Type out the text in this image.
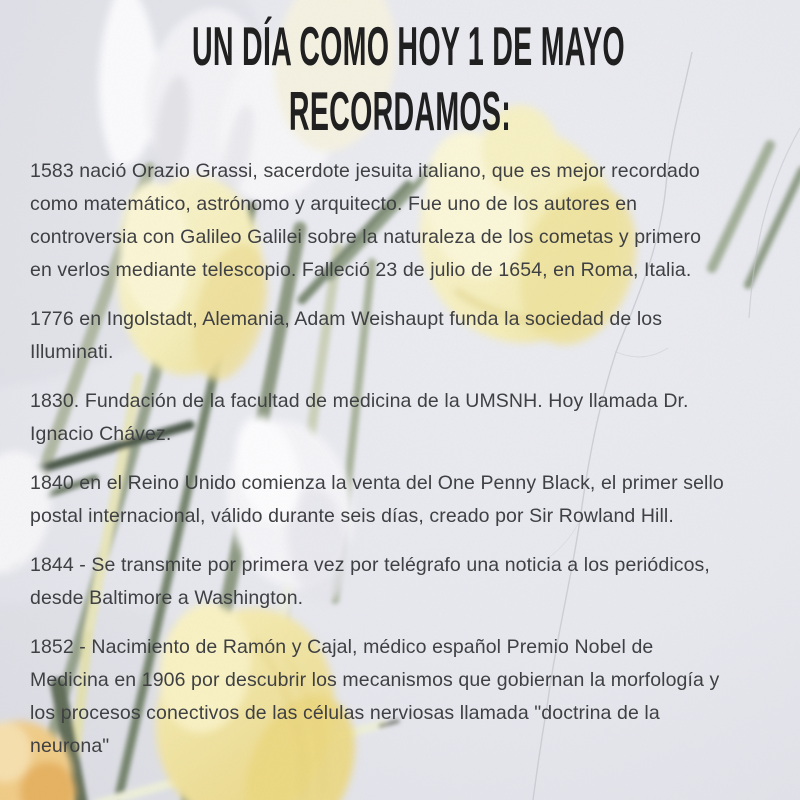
UN DÍA COMO HOY 1 DE MAYO
RECORDAMOS:

1583 nació Orazio Grassi, sacerdote jesuita italiano, que es mejor recordado
como matemático, astrónomo y arquitecto. Fue uno de los autores en
controversia con Galileo Galilei sobre la naturaleza de los cometas y primero
en verlos mediante telescopio. Falleció 23 de julio de 1654, en Roma, Italia.

1776 en Ingolstadt, Alemania, Adam Weishaupt funda la sociedad de los
Illuminati.

1830. Fundación de la facultad de medicina de la UMSNH. Hoy llamada Dr.
Ignacio Chávez.

1840 en el Reino Unido comienza la venta del One Penny Black, el primer sello
postal internacional, válido durante seis días, creado por Sir Rowland Hill.

1844 - Se transmite por primera vez por telégrafo una noticia a los periódicos,
desde Baltimore a Washington.

1852 - Nacimiento de Ramón y Cajal, médico español Premio Nobel de
Medicina en 1906 por descubrir los mecanismos que gobiernan la morfología y
los procesos conectivos de las células nerviosas llamada "doctrina de la
neurona"
